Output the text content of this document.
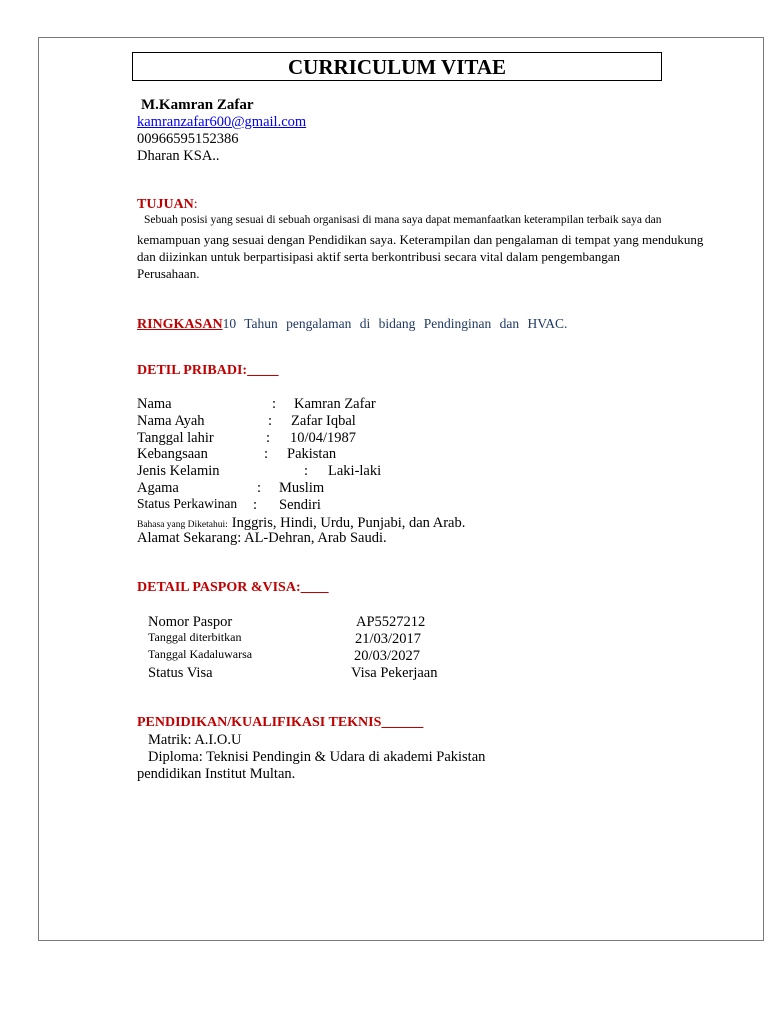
CURRICULUM VITAE
M.Kamran Zafar
kamranzafar600@gmail.com
00966595152386
Dharan KSA..
TUJUAN:
Sebuah posisi yang sesuai di sebuah organisasi di mana saya dapat memanfaatkan keterampilan terbaik saya dan
kemampuan yang sesuai dengan Pendidikan saya. Keterampilan dan pengalaman di tempat yang mendukung
dan diizinkan untuk berpartisipasi aktif serta berkontribusi secara vital dalam pengembangan
Perusahaan.
RINGKASAN10 Tahun pengalaman di bidang Pendinginan dan HVAC.
DETIL PRIBADI:
Nama	: Kamran Zafar
Nama Ayah	: Zafar Iqbal
Tanggal lahir	: 10/04/1987
Kebangsaan	: Pakistan
Jenis Kelamin	: Laki-laki
Agama	: Muslim
Status Perkawinan : Sendiri
Bahasa yang Diketahui: Inggris, Hindi, Urdu, Punjabi, dan Arab.
Alamat Sekarang: AL-Dehran, Arab Saudi.
DETAIL PASPOR &VISA:
Nomor Paspor	AP5527212
Tanggal diterbitkan	21/03/2017
Tanggal Kadaluwarsa	20/03/2027
Status Visa	Visa Pekerjaan
PENDIDIKAN/KUALIFIKASI TEKNIS
Matrik: A.I.O.U
Diploma: Teknisi Pendingin & Udara di akademi Pakistan
pendidikan Institut Multan.
